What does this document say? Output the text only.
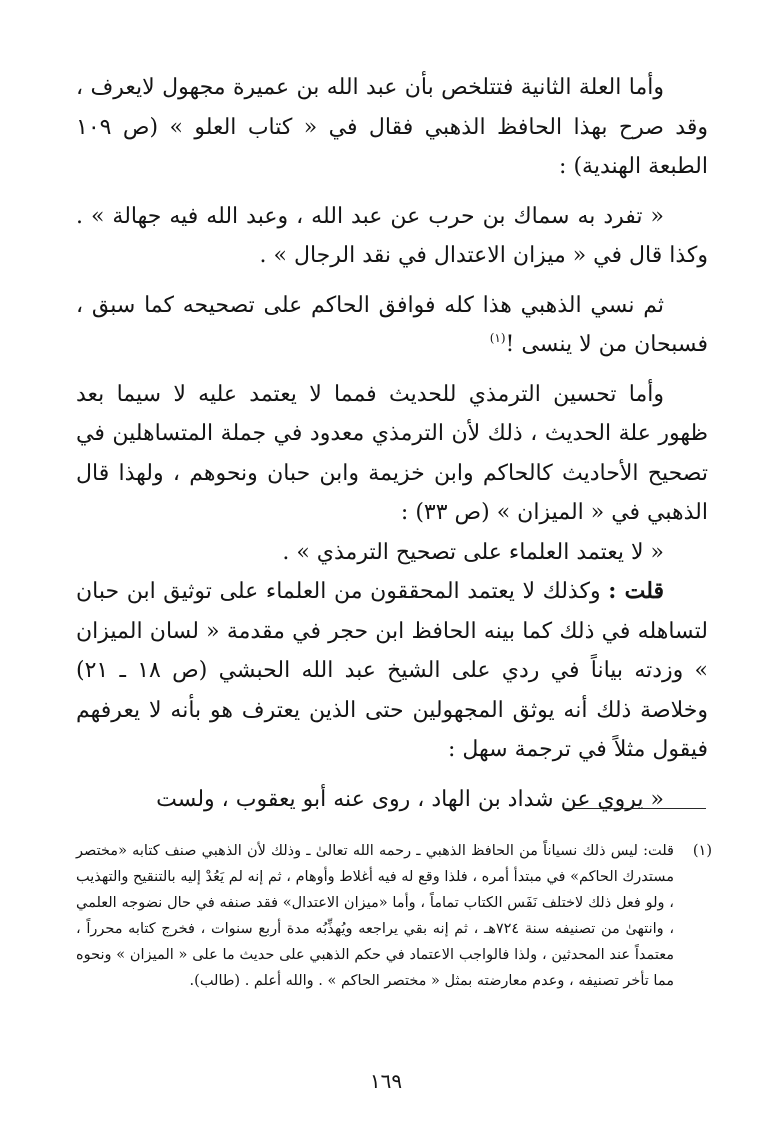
وأما العلة الثانية فتتلخص بأن عبد الله بن عميرة مجهول لايعرف ، وقد صرح بهذا الحافظ الذهبي فقال في « كتاب العلو » (ص ١٠٩ الطبعة الهندية) :

« تفرد به سماك بن حرب عن عبد الله ، وعبد الله فيه جهالة » . وكذا قال في « ميزان الاعتدال في نقد الرجال » .

ثم نسي الذهبي هذا كله فوافق الحاكم على تصحيحه كما سبق ، فسبحان من لا ينسى !$^{(١)}$

وأما تحسين الترمذي للحديث فمما لا يعتمد عليه لا سيما بعد ظهور علة الحديث ، ذلك لأن الترمذي معدود في جملة المتساهلين في تصحيح الأحاديث كالحاكم وابن خزيمة وابن حبان ونحوهم ، ولهذا قال الذهبي في « الميزان » (ص ٣٣) :

« لا يعتمد العلماء على تصحيح الترمذي » .

قلت : وكذلك لا يعتمد المحققون من العلماء على توثيق ابن حبان لتساهله في ذلك كما بينه الحافظ ابن حجر في مقدمة « لسان الميزان » وزدته بياناً في ردي على الشيخ عبد الله الحبشي (ص ١٨ ـ ٢١) وخلاصة ذلك أنه يوثق المجهولين حتى الذين يعترف هو بأنه لا يعرفهم فيقول مثلاً في ترجمة سهل :

« يروي عن شداد بن الهاد ، روى عنه أبو يعقوب ، ولست

(١)
قلت: ليس ذلك نسياناً من الحافظ الذهبي ـ رحمه الله تعالىٰ ـ وذلك لأن الذهبي صنف كتابه «مختصر مستدرك الحاكم» في مبتدأ أمره ، فلذا وقع له فيه أغلاط وأوهام ، ثم إنه لم يَعُدْ إليه بالتنقيح والتهذيب ، ولو فعل ذلك لاختلف نَفَس الكتاب تماماً ، وأما «ميزان الاعتدال» فقد صنفه في حال نضوجه العلمي ، وانتهىٰ من تصنيفه سنة ٧٢٤هـ ، ثم إنه بقي يراجعه ويُهذِّبُه مدة أربع سنوات ، فخرج كتابه محرراً ، معتمداً عند المحدثين ، ولذا فالواجب الاعتماد في حكم الذهبي على حديث ما على « الميزان » ونحوه مما تأخر تصنيفه ، وعدم معارضته بمثل « مختصر الحاكم » . والله أعلم . (طالب).
١٦٩
